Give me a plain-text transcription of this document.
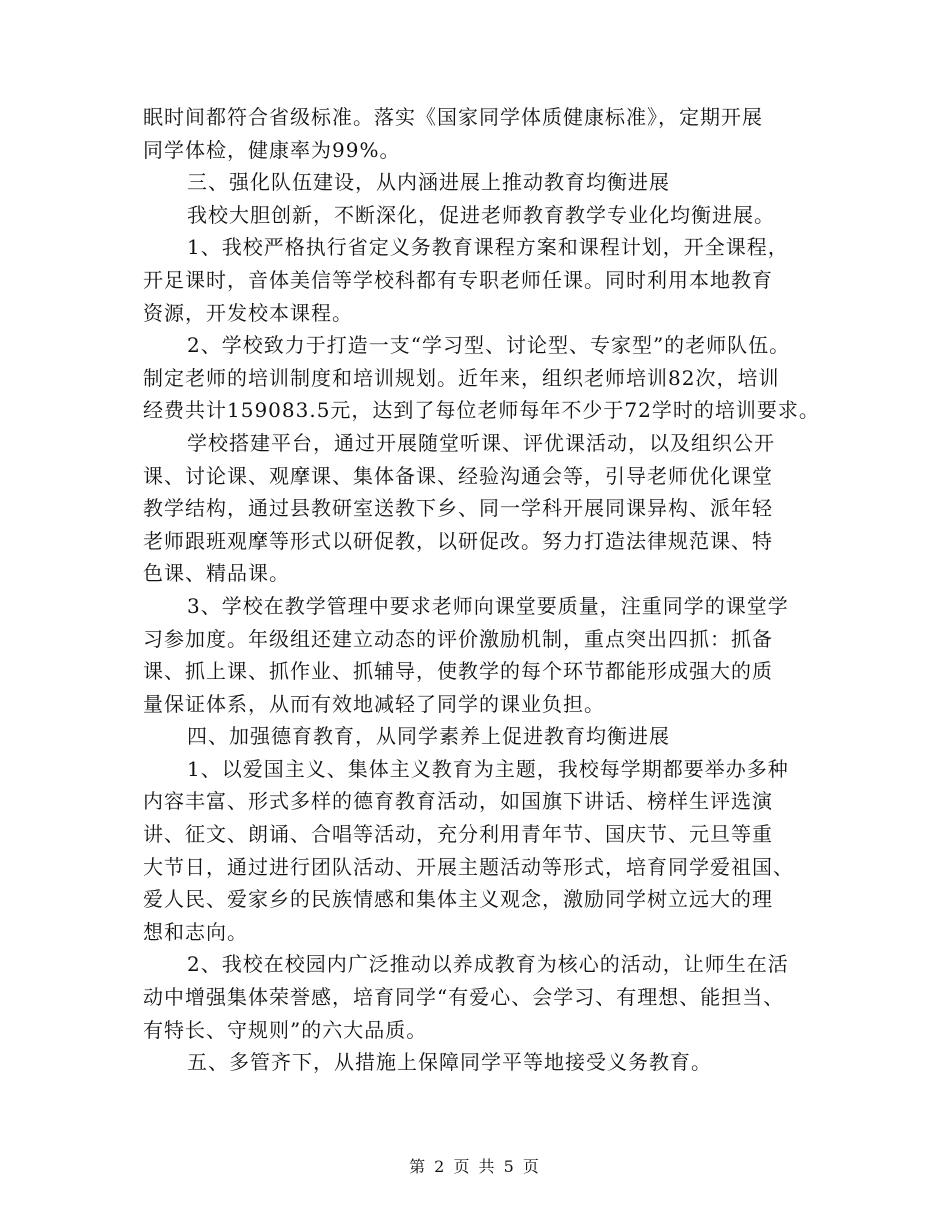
眠时间都符合省级标准。落实《国家同学体质健康标准》，定期开展
同学体检，健康率为99%。

三、强化队伍建设，从内涵进展上推动教育均衡进展

我校大胆创新，不断深化，促进老师教育教学专业化均衡进展。

1、我校严格执行省定义务教育课程方案和课程计划，开全课程，
开足课时，音体美信等学校科都有专职老师任课。同时利用本地教育
资源，开发校本课程。

2、学校致力于打造一支“学习型、讨论型、专家型”的老师队伍。
制定老师的培训制度和培训规划。近年来，组织老师培训82次，培训
经费共计159083.5元，达到了每位老师每年不少于72学时的培训要求。

学校搭建平台，通过开展随堂听课、评优课活动，以及组织公开
课、讨论课、观摩课、集体备课、经验沟通会等，引导老师优化课堂
教学结构，通过县教研室送教下乡、同一学科开展同课异构、派年轻
老师跟班观摩等形式以研促教，以研促改。努力打造法律规范课、特
色课、精品课。

3、学校在教学管理中要求老师向课堂要质量，注重同学的课堂学
习参加度。年级组还建立动态的评价激励机制，重点突出四抓：抓备
课、抓上课、抓作业、抓辅导，使教学的每个环节都能形成强大的质
量保证体系，从而有效地减轻了同学的课业负担。

四、加强德育教育，从同学素养上促进教育均衡进展

1、以爱国主义、集体主义教育为主题，我校每学期都要举办多种
内容丰富、形式多样的德育教育活动，如国旗下讲话、榜样生评选演
讲、征文、朗诵、合唱等活动，充分利用青年节、国庆节、元旦等重
大节日，通过进行团队活动、开展主题活动等形式，培育同学爱祖国、
爱人民、爱家乡的民族情感和集体主义观念，激励同学树立远大的理
想和志向。

2、我校在校园内广泛推动以养成教育为核心的活动，让师生在活
动中增强集体荣誉感，培育同学“有爱心、会学习、有理想、能担当、
有特长、守规则”的六大品质。

五、多管齐下，从措施上保障同学平等地接受义务教育。

第 2 页 共 5 页
